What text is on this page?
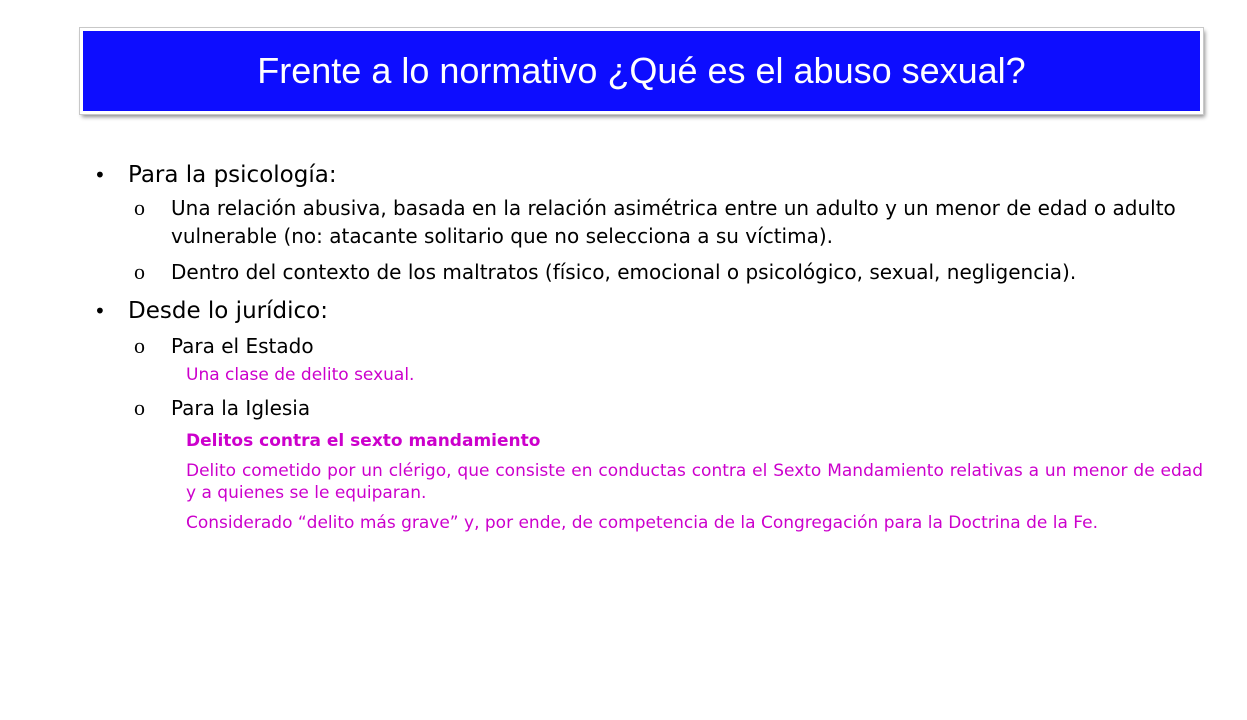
Frente a lo normativo ¿Qué es el abuso sexual?
• Para la psicología:
o Una relación abusiva, basada en la relación asimétrica entre un adulto y un menor de edad o adulto vulnerable (no: atacante solitario que no selecciona a su víctima).
o Dentro del contexto de los maltratos (físico, emocional o psicológico, sexual, negligencia).
• Desde lo jurídico:
o Para el Estado
Una clase de delito sexual.
o Para la Iglesia
Delitos contra el sexto mandamiento
Delito cometido por un clérigo, que consiste en conductas contra el Sexto Mandamiento relativas a un menor de edad y a quienes se le equiparan.
Considerado “delito más grave” y, por ende, de competencia de la Congregación para la Doctrina de la Fe.
